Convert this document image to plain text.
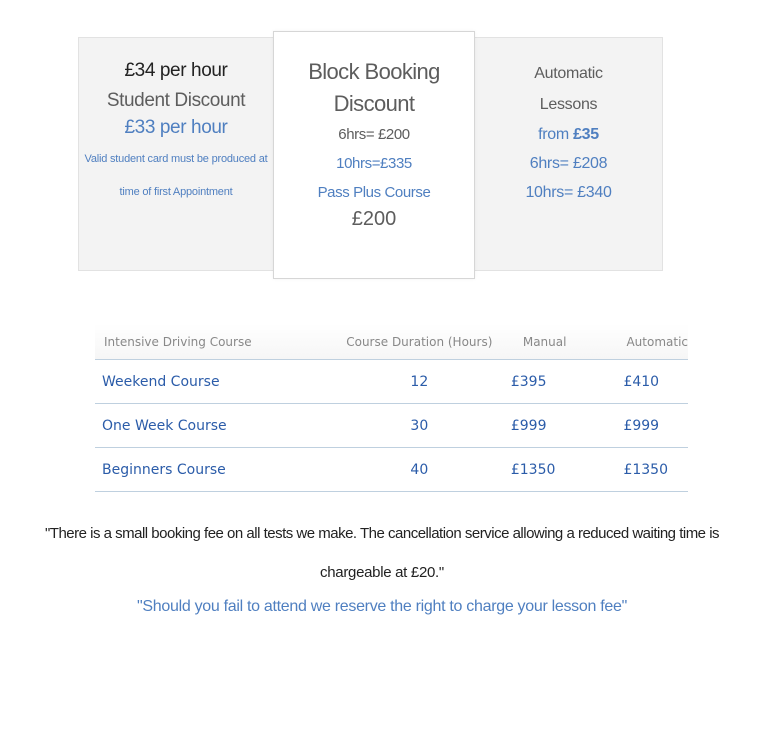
£34 per hour
Student Discount
£33 per hour
Valid student card must be produced at
time of first Appointment
Block Booking
Discount
6hrs= £200
10hrs=£335
Pass Plus Course
£200
Automatic
Lessons
from £35
6hrs= £208
10hrs= £340
Intensive Driving Course	Course Duration (Hours)	Manual	Automatic
Weekend Course	12	£395	£410
One Week Course	30	£999	£999
Beginners Course	40	£1350	£1350
"There is a small booking fee on all tests we make. The cancellation service allowing a reduced waiting time is
chargeable at £20."
"Should you fail to attend we reserve the right to charge your lesson fee"
